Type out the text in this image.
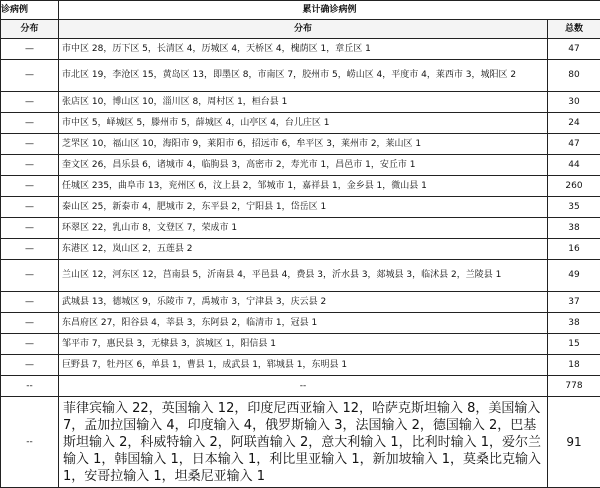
诊病例	累计确诊病例	
分布	分布	总数
—	市中区 28，历下区 5，长清区 4，历城区 4，天桥区 4，槐荫区 1，章丘区 1	47
—	市北区 19，李沧区 15，黄岛区 13，即墨区 8，市南区 7，胶州市 5，崂山区 4，平度市 4，莱西市 3，城阳区 2	80
—	张店区 10，博山区 10，淄川区 8，周村区 1，桓台县 1	30
—	市中区 5，峄城区 5，滕州市 5，薛城区 4，山亭区 4，台儿庄区 1	24
—	芝罘区 10，福山区 10，海阳市 9，莱阳市 6，招远市 6，牟平区 3，莱州市 2，莱山区 1	47
—	奎文区 26，昌乐县 6，诸城市 4，临朐县 3，高密市 2，寿光市 1，昌邑市 1，安丘市 1	44
—	任城区 235，曲阜市 13，兖州区 6，汶上县 2，邹城市 1，嘉祥县 1，金乡县 1，微山县 1	260
—	泰山区 25，新泰市 4，肥城市 2，东平县 2，宁阳县 1，岱岳区 1	35
—	环翠区 22，乳山市 8，文登区 7，荣成市 1	38
—	东港区 12，岚山区 2，五莲县 2	16
—	兰山区 12，河东区 12，莒南县 5，沂南县 4，平邑县 4，费县 3，沂水县 3，郯城县 3，临沭县 2，兰陵县 1	49
—	武城县 13，德城区 9，乐陵市 7，禹城市 3，宁津县 3，庆云县 2	37
—	东昌府区 27，阳谷县 4，莘县 3，东阿县 2，临清市 1，冠县 1	38
—	邹平市 7，惠民县 3，无棣县 3，滨城区 1，阳信县 1	15
—	巨野县 7，牡丹区 6，单县 1，曹县 1，成武县 1，郓城县 1，东明县 1	18
--	--	778
--	菲律宾输入 22，英国输入 12，印度尼西亚输入 12，哈萨克斯坦输入 8，美国输入 7，孟加拉国输入 4，印度输入 4，俄罗斯输入 3，法国输入 2，德国输入 2，巴基斯坦输入 2，科威特输入 2，阿联酋输入 2，意大利输入 1，比利时输入 1，爱尔兰输入 1，韩国输入 1，日本输入 1，利比里亚输入 1，新加坡输入 1，莫桑比克输入 1，安哥拉输入 1，坦桑尼亚输入 1	91
